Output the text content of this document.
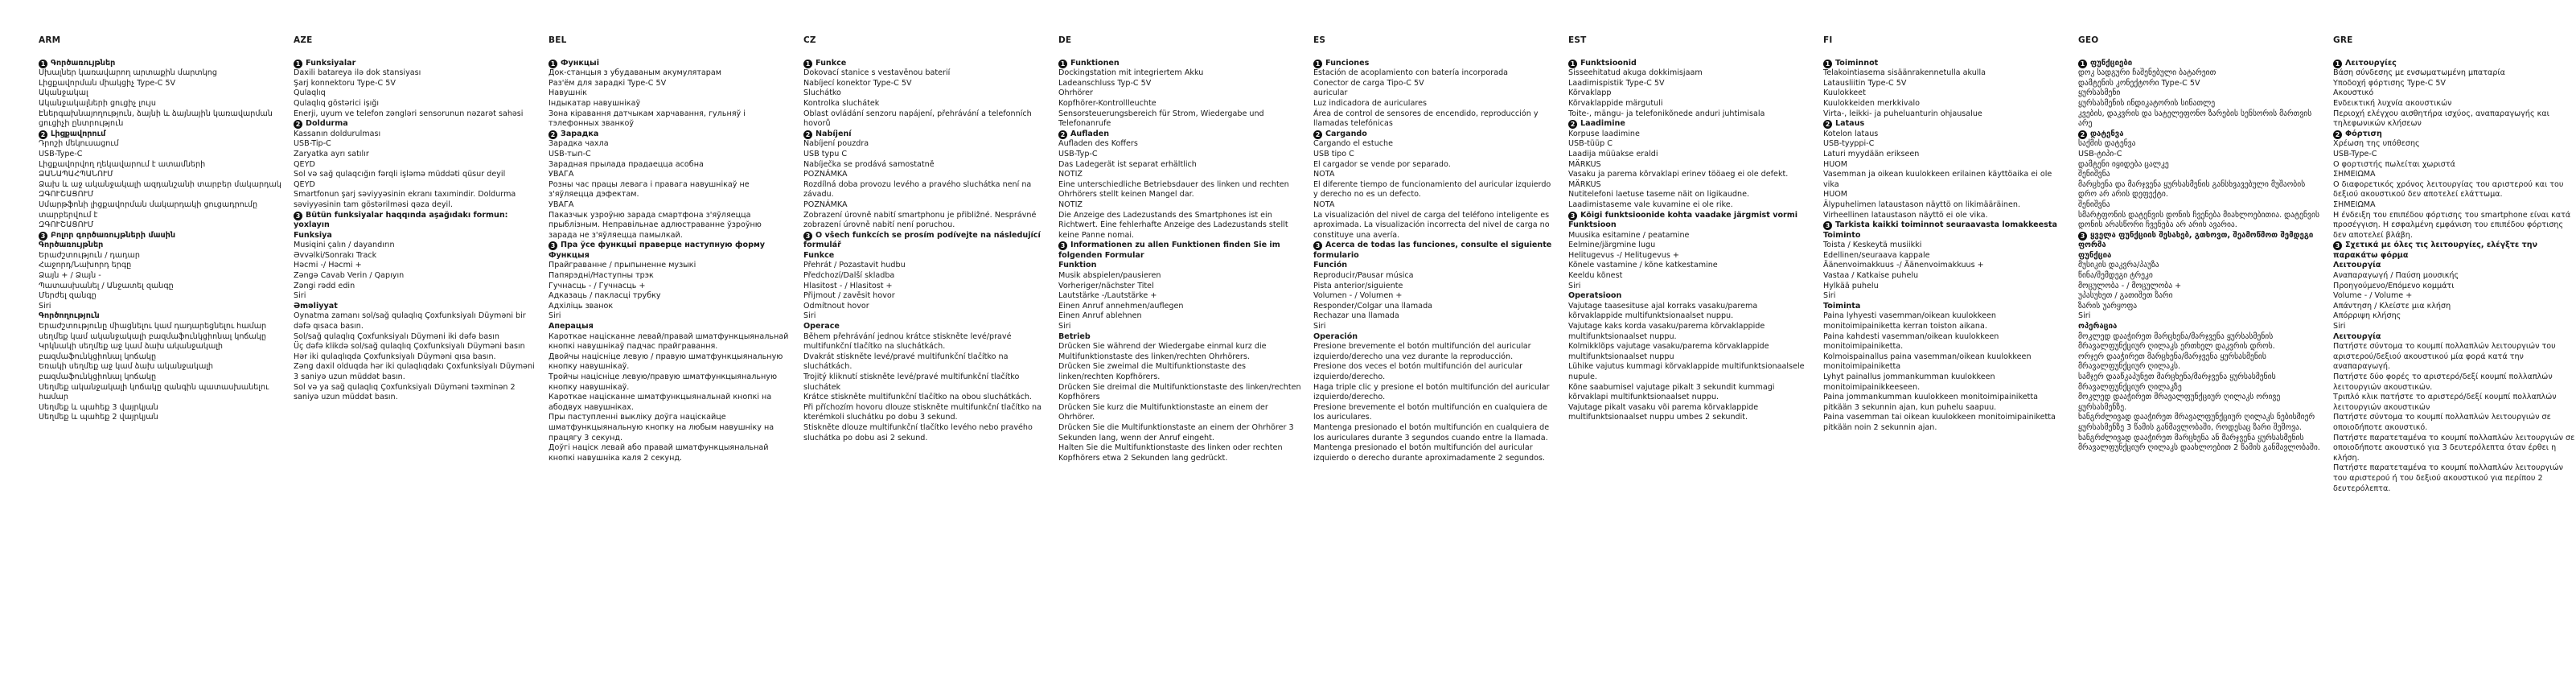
ARM
1 Գործառույթներ
Սխալներ կառավարող արտաքին մարտկոց
Լիցքավորման միակցիչ Type-C 5V
Ականջակալ
Ականջակալների ցուցիչ լույս
Էներգախնայողություն, ձայնի և ձայնային կառավարման ցուցիչի ընտրություն
2 Լիցքավորում
Դրոշի մեկուսացում
USB-Type-C
Լիցքավորվող ղեկավարում է ատամների ՁԱՆԱՊԱՀՊԱՆՈՒՄ
Ձախ և աջ ականջակալի ազդանշանի տարբեր մակարդակ
ԶԳՈՒՇԱՑՈՒՄ
Սմարթֆոնի լիցքավորման մակարդակի ցուցադրումը տարբերվում է
ԶԳՈՒՇԱՑՈՒՄ
3 Բոլոր գործառույթների մասին
Գործառույթներ
Երաժշտություն / դադար
Հաջորդ/Նախորդ երգը
Ձայն + / Ձայն -
Պատասխանել / Անջատել զանգը
Մերժել զանգը
Siri
Գործողություն
Երաժշտությունը միացնելու կամ դադարեցնելու համար սեղմեք կամ ականջակալի բազմաֆունկցիոնալ կոճակը
Կրկնակի սեղմեք աջ կամ ձախ ականջակալի բազմաֆունկցիոնալ կոճակը
Եռակի սեղմեք աջ կամ ձախ ականջակալի բազմաֆունկցիոնալ կոճակը
Սեղմեք ականջակալի կոճակը զանգին պատասխանելու համար
Սեղմեք և պահեք 3 վայրկյան
Սեղմեք և պահեք 2 վայրկյան
AZE
1 Funksiyalar
Daxili batareya ilə dok stansiyası
Şarj konnektoru Type-C 5V
Qulaqlıq
Qulaqlıq göstərici işığı
Enerji, uyum ve telefon zəngləri sensorunun nəzarət sahəsi
2 Doldurma
Kassanın doldurulması
USB-Tip-C
Zaryatka ayrı satılır
QEYD
Sol və sağ qulaqcığın fərqli işləmə müddəti qüsur deyil
QEYD
Smartfonun şarj səviyyəsinin ekranı taxımindir. Doldurma səviyyəsinin tam göstərilməsi qəza deyil.
3 Bütün funksiyalar haqqında aşağıdakı formun: yoxlayın
Funksiya
Musiqini çalın / dayandırın
Əvvəlki/Sonrakı Track
Həcmi -/ Həcmi +
Zəngə Cavab Verin / Qapıyın
Zəngi rədd edin
Siri
Əməliyyat
Oynatma zamanı sol/sağ qulaqlıq Çoxfunksiyalı Düyməni bir dəfə qısaca basın.
Sol/sağ qulaqlıq Çoxfunksiyalı Düyməni iki dəfə basın
Üç dəfə klikdə sol/sağ qulaqlıq Çoxfunksiyalı Düyməni basın
Hər iki qulaqlıqda Çoxfunksiyalı Düyməni qısa basın.
Zəng daxil olduqda hər iki qulaqlıqdakı Çoxfunksiyalı Düyməni 3 saniyə uzun müddət basın.
Sol və ya sağ qulaqlıq Çoxfunksiyalı Düyməni təxminən 2 saniyə uzun müddət basın.
BEL
1 Функцыі
Док-станцыя з убудаваным акумулятарам
Раз'ём для зарадкі Type-C 5V
Навушнік
Індыкатар навушнікаў
Зона кіравання датчыкам харчавання, гульняў і тэлефонных званкоў
2 Зарадка
Зарадка чахла
USB-тып-C
Зарадная прылада прадаецца асобна
УВАГА
Розны час працы левага і правага навушнікаў не з'яўляецца дэфектам.
УВАГА
Паказчык узроўню зарада смартфона з'яўляецца прыблізным. Неправільнае адлюстраванне ўзроўню зарада не з'яўляецца памылкай.
3 Пра ўсе функцыі праверце наступную форму
Функцыя
Прайграванне / прыпыненне музыкі
Папярэдні/Наступны трэк
Гучнасць - / Гучнасць +
Адказаць / пакласці трубку
Адхіліць званок
Siri
Аперацыя
Кароткае націсканне левай/правай шматфункцыянальнай кнопкі навушнікаў падчас прайгравання.
Двойчы націсніце левую / правую шматфункцыянальную кнопку навушнікаў.
Тройчы націсніце левую/правую шматфункцыянальную кнопку навушнікаў.
Кароткае націсканне шматфункцыянальнай кнопкі на абодвух навушніках.
Пры паступленні выкліку доўга націскайце шматфункцыянальную кнопку на любым навушніку на працягу 3 секунд.
Доўгі націск левай або правай шматфункцыянальнай кнопкі навушніка каля 2 секунд.
CZ
1 Funkce
Dokovací stanice s vestavěnou baterií
Nabíjecí konektor Type-C 5V
Sluchátko
Kontrolka sluchátek
Oblast ovládání senzoru napájení, přehrávání a telefonních hovorů
2 Nabíjení
Nabíjení pouzdra
USB typu C
Nabíječka se prodává samostatně
POZNÁMKA
Rozdílná doba provozu levého a pravého sluchátka není na závadu.
POZNÁMKA
Zobrazení úrovně nabití smartphonu je přibližné. Nesprávné zobrazení úrovně nabití není poruchou.
3 O všech funkcích se prosím podívejte na následující formulář
Funkce
Přehrát / Pozastavit hudbu
Předchozí/Další skladba
Hlasitost - / Hlasitost +
Přijmout / zavěsit hovor
Odmítnout hovor
Siri
Operace
Během přehrávání jednou krátce stiskněte levé/pravé multifunkční tlačítko na sluchátkách.
Dvakrát stiskněte levé/pravé multifunkční tlačítko na sluchátkách.
Trojitý kliknutí stiskněte levé/pravé multifunkční tlačítko sluchátek
Krátce stiskněte multifunkční tlačítko na obou sluchátkách.
Při příchozím hovoru dlouze stiskněte multifunkční tlačítko na kterémkoli sluchátku po dobu 3 sekund.
Stiskněte dlouze multifunkční tlačítko levého nebo pravého sluchátka po dobu asi 2 sekund.
DE
1 Funktionen
Dockingstation mit integriertem Akku
Ladeanschluss Typ-C 5V
Ohrhörer
Kopfhörer-Kontrollleuchte
Sensorsteuerungsbereich für Strom, Wiedergabe und Telefonanrufe
2 Aufladen
Aufladen des Koffers
USB-Typ-C
Das Ladegerät ist separat erhältlich
NOTIZ
Eine unterschiedliche Betriebsdauer des linken und rechten Ohrhörers stellt keinen Mangel dar.
NOTIZ
Die Anzeige des Ladezustands des Smartphones ist ein Richtwert. Eine fehlerhafte Anzeige des Ladezustands stellt keine Panne nomai.
3 Informationen zu allen Funktionen finden Sie im folgenden Formular
Funktion
Musik abspielen/pausieren
Vorheriger/nächster Titel
Lautstärke -/Lautstärke +
Einen Anruf annehmen/auflegen
Einen Anruf ablehnen
Siri
Betrieb
Drücken Sie während der Wiedergabe einmal kurz die Multifunktionstaste des linken/rechten Ohrhörers.
Drücken Sie zweimal die Multifunktionstaste des linken/rechten Kopfhörers.
Drücken Sie dreimal die Multifunktionstaste des linken/rechten Kopfhörers
Drücken Sie kurz die Multifunktionstaste an einem der Ohrhörer.
Drücken Sie die Multifunktionstaste an einem der Ohrhörer 3 Sekunden lang, wenn der Anruf eingeht.
Halten Sie die Multifunktionstaste des linken oder rechten Kopfhörers etwa 2 Sekunden lang gedrückt.
ES
1 Funciones
Estación de acoplamiento con batería incorporada
Conector de carga Tipo-C 5V
auricular
Luz indicadora de auriculares
Área de control de sensores de encendido, reproducción y llamadas telefónicas
2 Cargando
Cargando el estuche
USB tipo C
El cargador se vende por separado.
NOTA
El diferente tiempo de funcionamiento del auricular izquierdo y derecho no es un defecto.
NOTA
La visualización del nivel de carga del teléfono inteligente es aproximada. La visualización incorrecta del nivel de carga no constituye una avería.
3 Acerca de todas las funciones, consulte el siguiente formulario
Función
Reproducir/Pausar música
Pista anterior/siguiente
Volumen - / Volumen +
Responder/Colgar una llamada
Rechazar una llamada
Siri
Operación
Presione brevemente el botón multifunción del auricular izquierdo/derecho una vez durante la reproducción.
Presione dos veces el botón multifunción del auricular izquierdo/derecho.
Haga triple clic y presione el botón multifunción del auricular izquierdo/derecho.
Presione brevemente el botón multifunción en cualquiera de los auriculares.
Mantenga presionado el botón multifunción en cualquiera de los auriculares durante 3 segundos cuando entre la llamada.
Mantenga presionado el botón multifunción del auricular izquierdo o derecho durante aproximadamente 2 segundos.
EST
1 Funktsioonid
Sisseehitatud akuga dokkimisjaam
Laadimispistik Type-C 5V
Kõrvaklapp
Kõrvaklappide märgutuli
Toite-, mängu- ja telefonikõnede anduri juhtimisala
2 Laadimine
Korpuse laadimine
USB-tüüp C
Laadija müüakse eraldi
MÄRKUS
Vasaku ja parema kõrvaklapi erinev tööaeg ei ole defekt.
MÄRKUS
Nutitelefoni laetuse taseme näit on ligikaudne. Laadimistaseme vale kuvamine ei ole rike.
3 Kõigi funktsioonide kohta vaadake järgmist vormi
Funktsioon
Muusika esitamine / peatamine
Eelmine/järgmine lugu
Helitugevus -/ Helitugevus +
Kõnele vastamine / kõne katkestamine
Keeldu kõnest
Siri
Operatsioon
Vajutage taasesituse ajal korraks vasaku/parema kõrvaklappide multifunktsionaalset nuppu.
Vajutage kaks korda vasaku/parema kõrvaklappide multifunktsionaalset nuppu.
Kolmikklõps vajutage vasaku/parema kõrvaklappide multifunktsionaalset nuppu
Lühike vajutus kummagi kõrvaklappide multifunktsionaalsele nupule.
Kõne saabumisel vajutage pikalt 3 sekundit kummagi kõrvaklapi multifunktsionaalset nuppu.
Vajutage pikalt vasaku või parema kõrvaklappide multifunktsionaalset nuppu umbes 2 sekundit.
FI
1 Toiminnot
Telakointiasema sisäänrakennetulla akulla
Latausliitin Type-C 5V
Kuulokkeet
Kuulokkeiden merkkivalo
Virta-, leikki- ja puheluanturin ohjausalue
2 Lataus
Kotelon lataus
USB-tyyppi-C
Laturi myydään erikseen
HUOM
Vasemman ja oikean kuulokkeen erilainen käyttöaika ei ole vika
HUOM
Älypuhelimen lataustason näyttö on likimääräinen. Virheellinen lataustason näyttö ei ole vika.
3 Tarkista kaikki toiminnot seuraavasta lomakkeesta
Toiminto
Toista / Keskeytä musiikki
Edellinen/seuraava kappale
Äänenvoimakkuus -/ Äänenvoimakkuus +
Vastaa / Katkaise puhelu
Hylkää puhelu
Siri
Toiminta
Paina lyhyesti vasemman/oikean kuulokkeen monitoimipainiketta kerran toiston aikana.
Paina kahdesti vasemman/oikean kuulokkeen monitoimipainiketta.
Kolmoispainallus paina vasemman/oikean kuulokkeen monitoimipainiketta
Lyhyt painallus jommankumman kuulokkeen monitoimipainikkeeseen.
Paina jommankumman kuulokkeen monitoimipainiketta pitkään 3 sekunnin ajan, kun puhelu saapuu.
Paina vasemman tai oikean kuulokkeen monitoimipainiketta pitkään noin 2 sekunnin ajan.
GEO
1 ფუნქციები
დოკ სადგური ჩაშენებული ბატარეით
დამტენის კონექტორი Type-C 5V
ყურსასმენი
ყურსასმენის ინდიკატორის სინათლე
კვების, დაკვრის და სატელეფონო ზარების სენსორის მართვის არე
2 დატენვა
საქმის დატენვა
USB-ტიპი-C
დამტენი იყიდება ცალკე
შენიშვნა
მარცხენა და მარჯვენა ყურსასმენის განსხვავებული მუშაობის დრო არ არის დეფექტი.
შენიშვნა
სმარტფონის დატენვის დონის ჩვენება მიახლოებითია. დატენვის დონის არასწორი ჩვენება არ არის ავარია.
3 ყველა ფუნქციის შესახებ, გთხოვთ, შეამოწმოთ შემდეგი ფორმა
ფუნქცია
მუსიკის დაკვრა/პაუზა
წინა/შემდეგი ტრეკი
მოცულობა - / მოცულობა +
უპასუხეთ / გათიშეთ ზარი
ზარის უარყოფა
Siri
ოპერაცია
მოკლედ დააჭირეთ მარცხენა/მარჯვენა ყურსასმენის მრავალფუნქციურ ღილაკს ერთხელ დაკვრის დროს.
ორჯერ დააჭირეთ მარცხენა/მარჯვენა ყურსასმენის მრავალფუნქციურ ღილაკს.
სამჯერ დააწკაპუნეთ მარცხენა/მარჯვენა ყურსასმენის მრავალფუნქციურ ღილაკზე
მოკლედ დააჭირეთ მრავალფუნქციურ ღილაკს ორივე ყურსასმენზე.
ხანგრძლივად დააჭირეთ მრავალფუნქციურ ღილაკს ნებისმიერ ყურსასმენზე 3 წამის განმავლობაში, როდესაც ზარი შემოვა.
ხანგრძლივად დააჭირეთ მარცხენა ან მარჯვენა ყურსასმენის მრავალფუნქციურ ღილაკს დაახლოებით 2 წამის განმავლობაში.
GRE
1 Λειτουργίες
Βάση σύνδεσης με ενσωματωμένη μπαταρία
Υποδοχή φόρτισης Type-C 5V
Ακουστικό
Ενδεικτική λυχνία ακουστικών
Περιοχή ελέγχου αισθητήρα ισχύος, αναπαραγωγής και τηλεφωνικών κλήσεων
2 Φόρτιση
Χρέωση της υπόθεσης
USB-Type-C
Ο φορτιστής πωλείται χωριστά
ΣΗΜΕΙΩΜΑ
Ο διαφορετικός χρόνος λειτουργίας του αριστερού και του δεξιού ακουστικού δεν αποτελεί ελάττωμα.
ΣΗΜΕΙΩΜΑ
Η ένδειξη του επιπέδου φόρτισης του smartphone είναι κατά προσέγγιση. Η εσφαλμένη εμφάνιση του επιπέδου φόρτισης δεν αποτελεί βλάβη.
3 Σχετικά με όλες τις λειτουργίες, ελέγξτε την παρακάτω φόρμα
Λειτουργία
Αναπαραγωγή / Παύση μουσικής
Προηγούμενο/Επόμενο κομμάτι
Volume - / Volume +
Απάντηση / Κλείστε μια κλήση
Απόρριψη κλήσης
Siri
Λειτουργία
Πατήστε σύντομα το κουμπί πολλαπλών λειτουργιών του αριστερού/δεξιού ακουστικού μία φορά κατά την αναπαραγωγή.
Πατήστε δύο φορές το αριστερό/δεξί κουμπί πολλαπλών λειτουργιών ακουστικών.
Τριπλό κλικ πατήστε το αριστερό/δεξί κουμπί πολλαπλών λειτουργιών ακουστικών
Πατήστε σύντομα το κουμπί πολλαπλών λειτουργιών σε οποιοδήποτε ακουστικό.
Πατήστε παρατεταμένα το κουμπί πολλαπλών λειτουργιών σε οποιοδήποτε ακουστικό για 3 δευτερόλεπτα όταν έρθει η κλήση.
Πατήστε παρατεταμένα το κουμπί πολλαπλών λειτουργιών του αριστερού ή του δεξιού ακουστικού για περίπου 2 δευτερόλεπτα.
